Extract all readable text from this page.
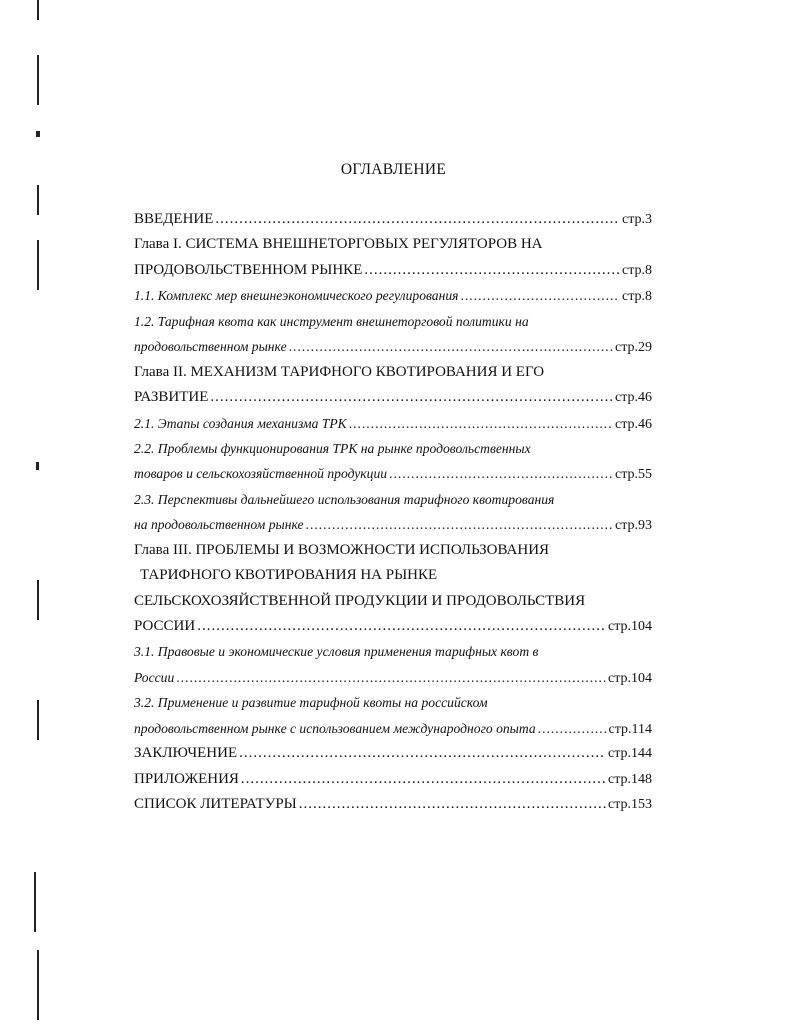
ОГЛАВЛЕНИЕ
ВВЕДЕНИЕ .....	стр.3
Глава I. СИСТЕМА ВНЕШНЕТОРГОВЫХ РЕГУЛЯТОРОВ НА
ПРОДОВОЛЬСТВЕННОМ РЫНКЕ .....	стр.8
1.1. Комплекс мер внешнеэкономического регулирования .....	стр.8
1.2. Тарифная квота как инструмент внешнеторговой политики на
продовольственном рынке .....	стр.29
Глава II. МЕХАНИЗМ ТАРИФНОГО КВОТИРОВАНИЯ И ЕГО
РАЗВИТИЕ .....	стр.46
2.1. Этапы создания механизма ТРК .....	стр.46
2.2. Проблемы функционирования ТРК на рынке продовольственных
товаров и сельскохозяйственной продукции .....	стр.55
2.3. Перспективы дальнейшего использования тарифного квотирования
на продовольственном рынке .....	стр.93
Глава III. ПРОБЛЕМЫ И ВОЗМОЖНОСТИ ИСПОЛЬЗОВАНИЯ
ТАРИФНОГО КВОТИРОВАНИЯ НА РЫНКЕ
СЕЛЬСКОХОЗЯЙСТВЕННОЙ ПРОДУКЦИИ И ПРОДОВОЛЬСТВИЯ
РОССИИ .....	стр.104
3.1. Правовые и экономические условия применения тарифных квот в
России .....	стр.104
3.2. Применение и развитие тарифной квоты на российском
продовольственном рынке с использованием международного опыта .....	стр.114
ЗАКЛЮЧЕНИЕ .....	стр.144
ПРИЛОЖЕНИЯ .....	стр.148
СПИСОК ЛИТЕРАТУРЫ .....	стр.153
